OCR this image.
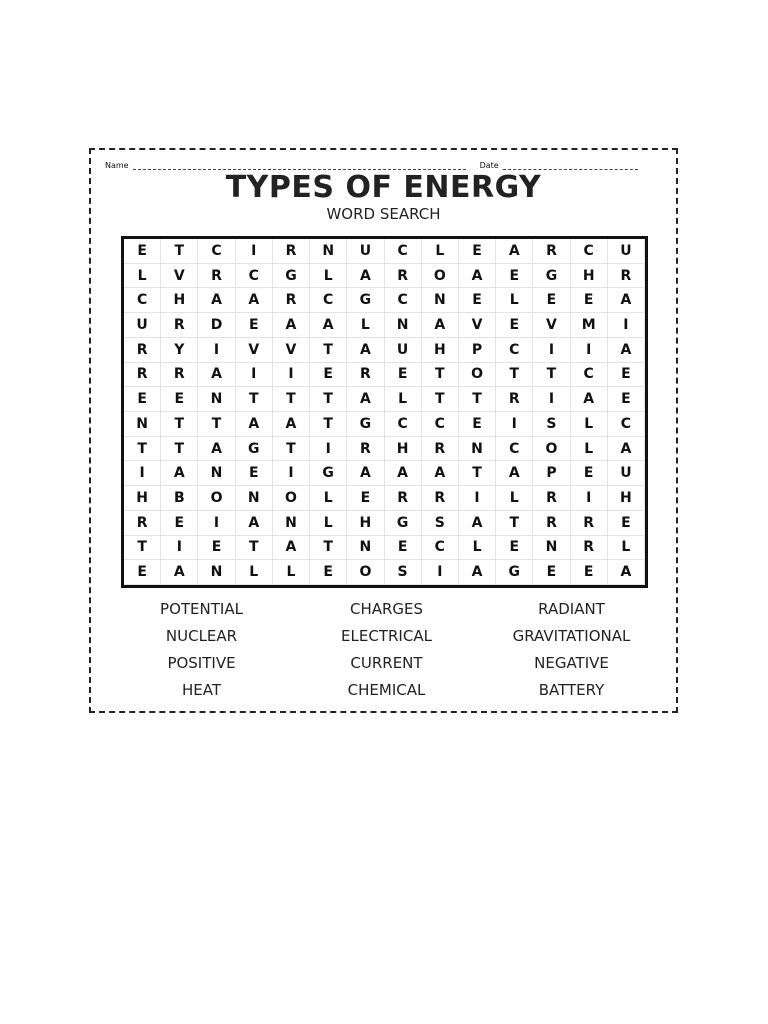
Name	Date
TYPES OF ENERGY
WORD SEARCH
E	T	C	I	R	N	U	C	L	E	A	R	C	U
L	V	R	C	G	L	A	R	O	A	E	G	H	R
C	H	A	A	R	C	G	C	N	E	L	E	E	A
U	R	D	E	A	A	L	N	A	V	E	V	M	I
R	Y	I	V	V	T	A	U	H	P	C	I	I	A
R	R	A	I	I	E	R	E	T	O	T	T	C	E
E	E	N	T	T	T	A	L	T	T	R	I	A	E
N	T	T	A	A	T	G	C	C	E	I	S	L	C
T	T	A	G	T	I	R	H	R	N	C	O	L	A
I	A	N	E	I	G	A	A	A	T	A	P	E	U
H	B	O	N	O	L	E	R	R	I	L	R	I	H
R	E	I	A	N	L	H	G	S	A	T	R	R	E
T	I	E	T	A	T	N	E	C	L	E	N	R	L
E	A	N	L	L	E	O	S	I	A	G	E	E	A
POTENTIAL	CHARGES	RADIANT
NUCLEAR	ELECTRICAL	GRAVITATIONAL
POSITIVE	CURRENT	NEGATIVE
HEAT	CHEMICAL	BATTERY
